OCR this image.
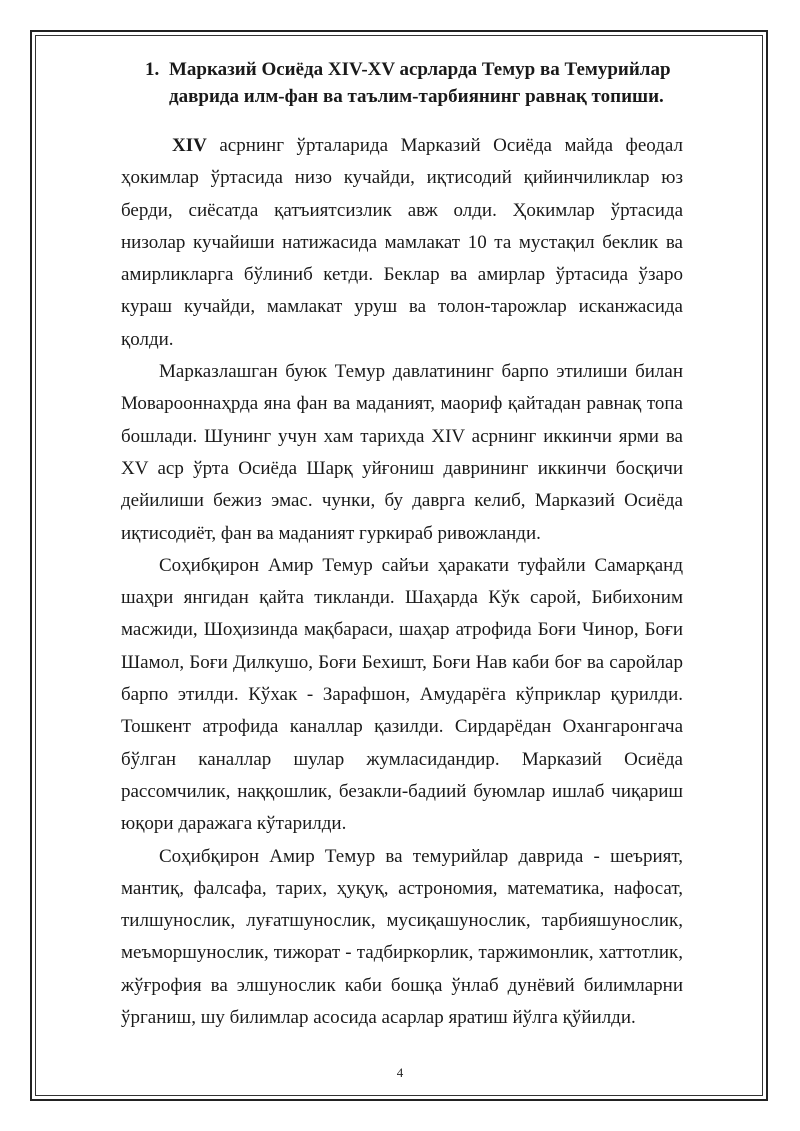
1. Марказий Осиёда XIV-XV асрларда Темур ва Темурийлар даврида илм-фан ва таълим-тарбиянинг равнақ топиши.

XIV асрнинг ўрталарида Марказий Осиёда майда феодал ҳокимлар ўртасида низо кучайди, иқтисодий қийинчиликлар юз берди, сиёсатда қатъиятсизлик авж олди. Ҳокимлар ўртасида низолар кучайиши натижасида мамлакат 10 та мустақил беклик ва амирликларга бўлиниб кетди. Беклар ва амирлар ўртасида ўзаро кураш кучайди, мамлакат уруш ва толон-тарожлар исканжасида қолди.

Марказлашган буюк Темур давлатининг барпо этилиши билан Моварооннаҳрда яна фан ва маданият, маориф қайтадан равнақ топа бошлади. Шунинг учун хам тарихда XIV асрнинг иккинчи ярми ва XV аср ўрта Осиёда Шарқ уйғониш даврининг иккинчи босқичи дейилиши бежиз эмас. чунки, бу даврга келиб, Марказий Осиёда иқтисодиёт, фан ва маданият гуркираб ривожланди.

Соҳибқирон Амир Темур сайъи ҳаракати туфайли Самарқанд шаҳри янгидан қайта тикланди. Шаҳарда Кўк сарой, Бибихоним масжиди, Шоҳизинда мақбараси, шаҳар атрофида Боғи Чинор, Боғи Шамол, Боғи Дилкушо, Боғи Бехишт, Боғи Нав каби боғ ва саройлар барпо этилди. Кўхак - Зарафшон, Амударёга кўприклар қурилди. Тошкент атрофида каналлар қазилди. Сирдарёдан Охангаронгача бўлган каналлар шулар жумласидандир. Марказий Осиёда рассомчилик, наққошлик, безакли-бадиий буюмлар ишлаб чиқариш юқори даражага кўтарилди.

Соҳибқирон Амир Темур ва темурийлар даврида - шеърият, мантиқ, фалсафа, тарих, ҳуқуқ, астрономия, математика, нафосат, тилшунослик, луғатшунослик, мусиқашунослик, тарбияшунослик, меъморшунослик, тижорат - тадбиркорлик, таржимонлик, хаттотлик, жўғрофия ва элшунослик каби бошқа ўнлаб дунёвий билимларни ўрганиш, шу билимлар асосида асарлар яратиш йўлга қўйилди.

4
